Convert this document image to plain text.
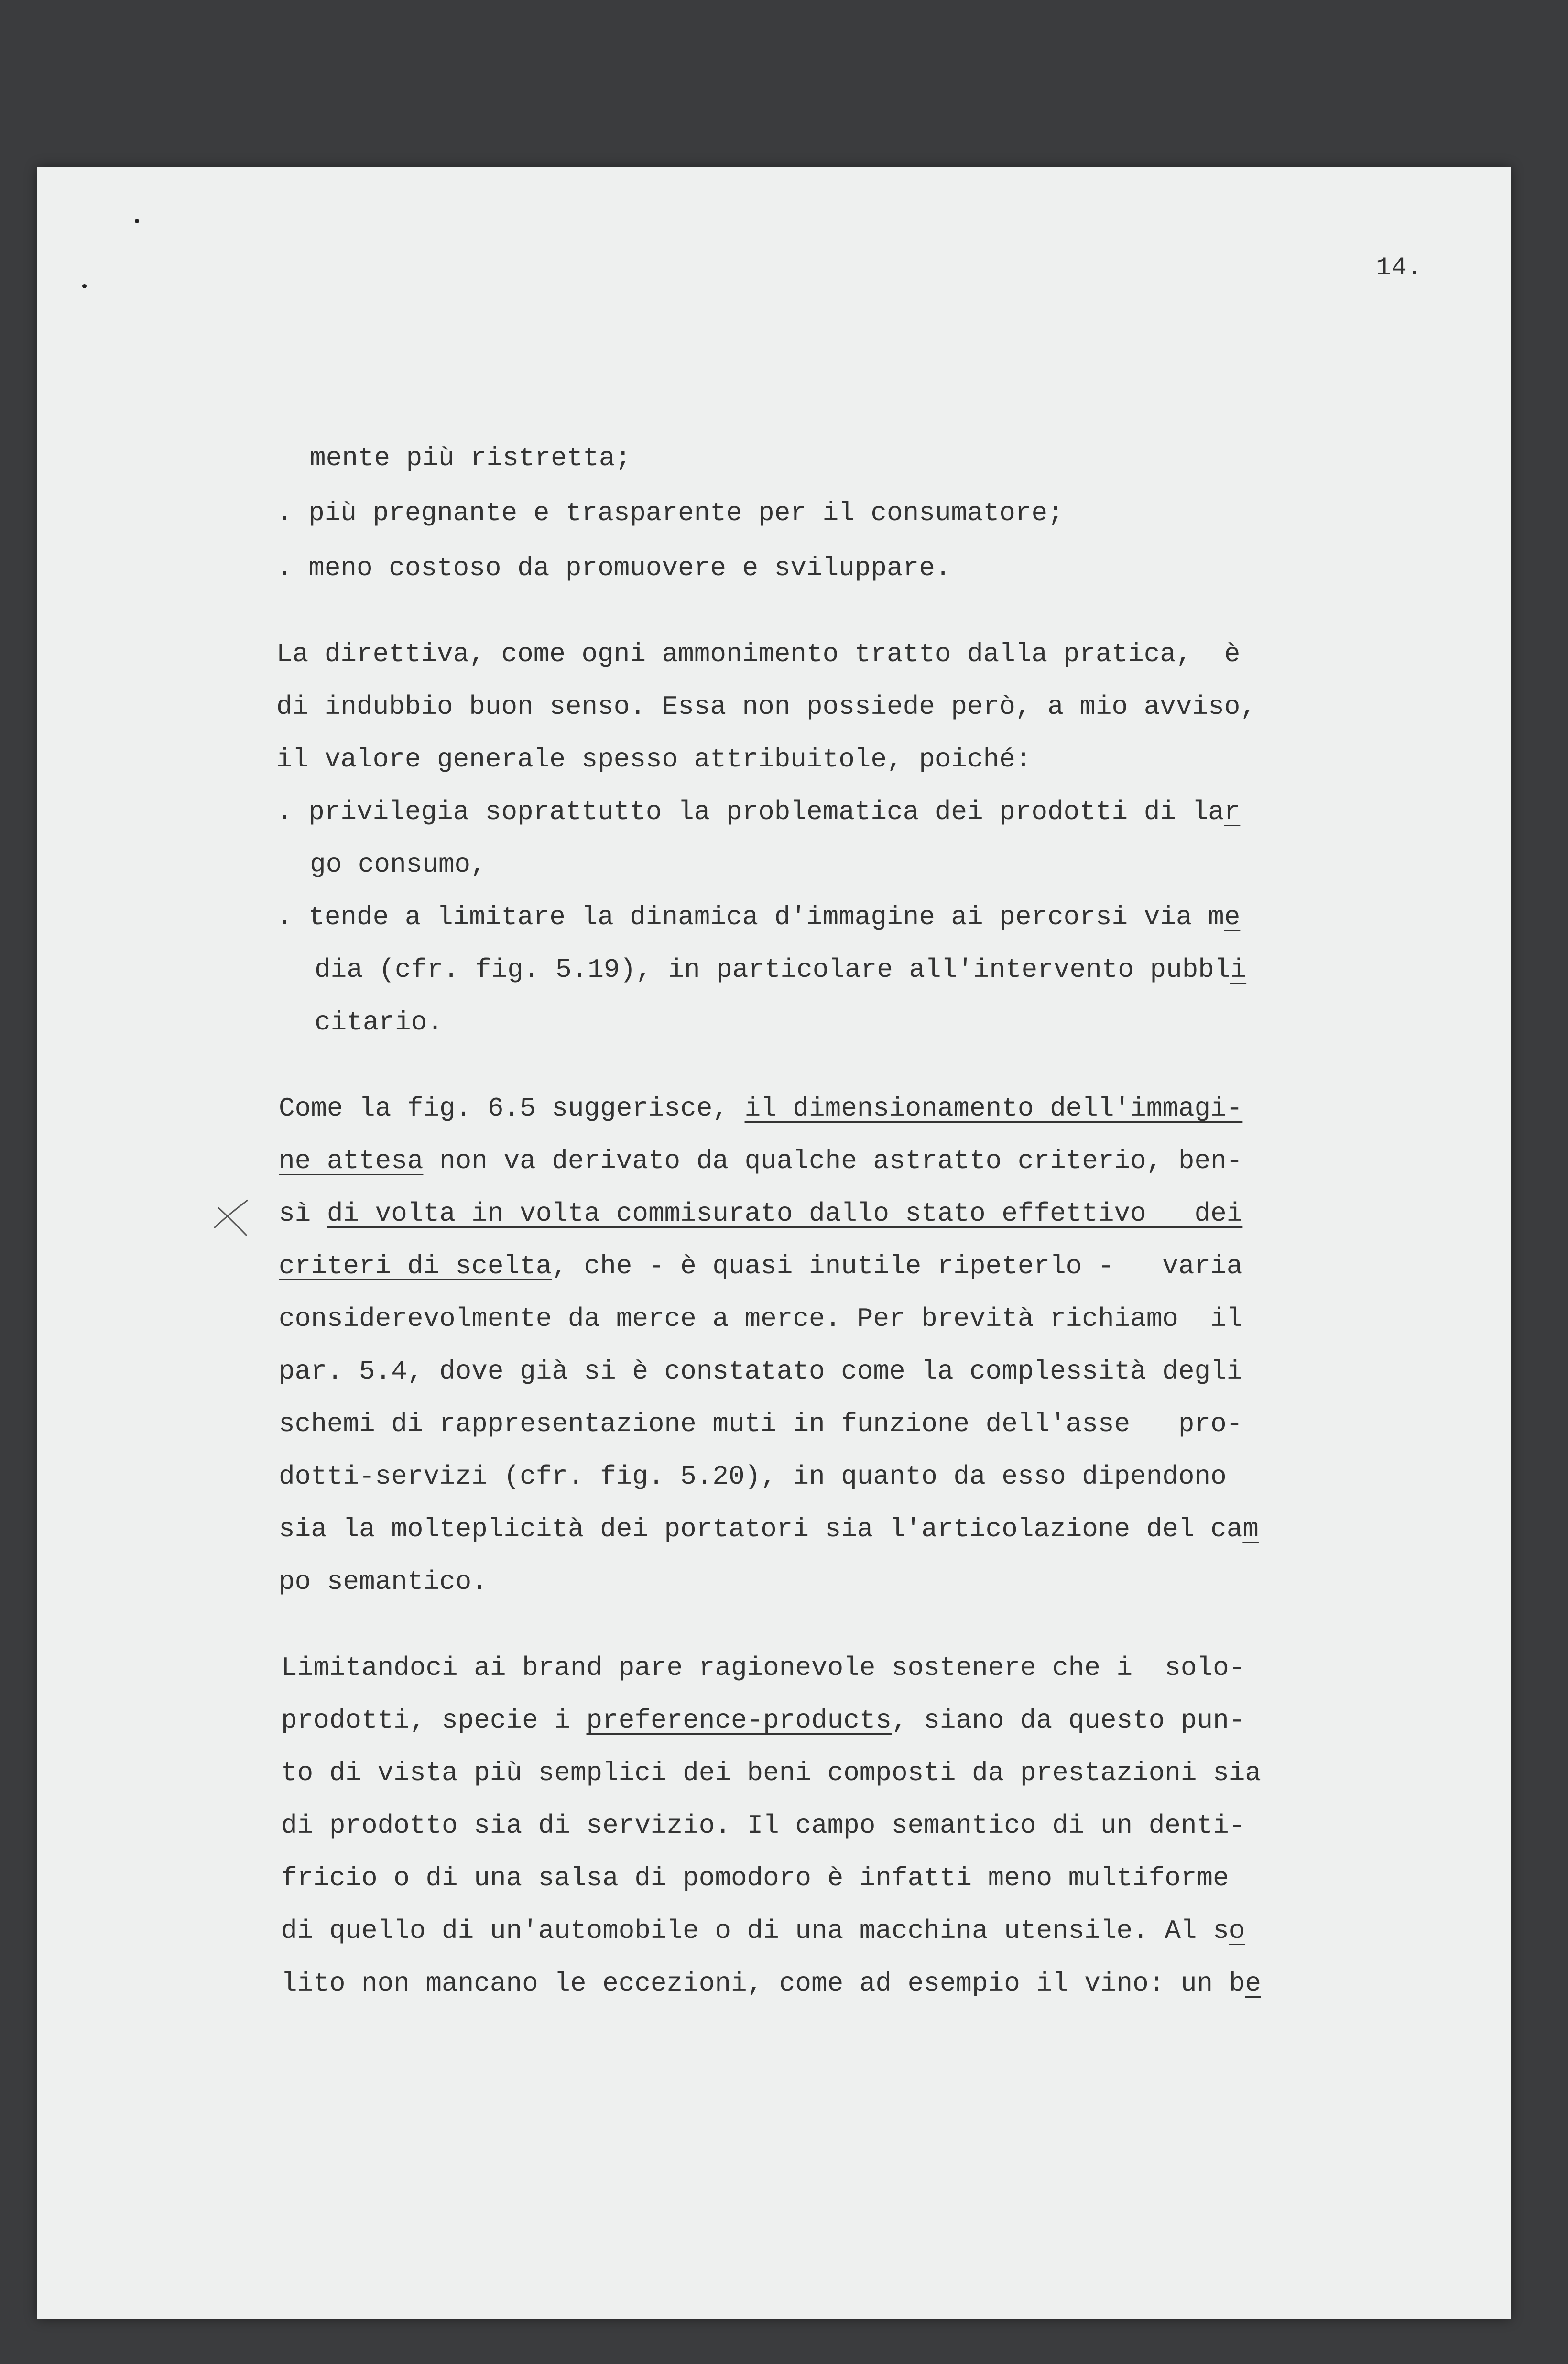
14.
mente più ristretta;
. più pregnante e trasparente per il consumatore;
. meno costoso da promuovere e sviluppare.
La direttiva, come ogni ammonimento tratto dalla pratica,  è
di indubbio buon senso. Essa non possiede però, a mio avviso,
il valore generale spesso attribuitole, poiché:
. privilegia soprattutto la problematica dei prodotti di lar
go consumo,
. tende a limitare la dinamica d'immagine ai percorsi via me
dia (cfr. fig. 5.19), in particolare all'intervento pubbli
citario.
Come la fig. 6.5 suggerisce, il dimensionamento dell'immagi-
ne attesa non va derivato da qualche astratto criterio, ben-
sì di volta in volta commisurato dallo stato effettivo   dei
criteri di scelta, che - è quasi inutile ripeterlo -   varia
considerevolmente da merce a merce. Per brevità richiamo  il
par. 5.4, dove già si è constatato come la complessità degli
schemi di rappresentazione muti in funzione dell'asse   pro-
dotti-servizi (cfr. fig. 5.20), in quanto da esso dipendono
sia la molteplicità dei portatori sia l'articolazione del cam
po semantico.
Limitandoci ai brand pare ragionevole sostenere che i  solo-
prodotti, specie i preference-products, siano da questo pun-
to di vista più semplici dei beni composti da prestazioni sia
di prodotto sia di servizio. Il campo semantico di un denti-
fricio o di una salsa di pomodoro è infatti meno multiforme
di quello di un'automobile o di una macchina utensile. Al so
lito non mancano le eccezioni, come ad esempio il vino: un be
